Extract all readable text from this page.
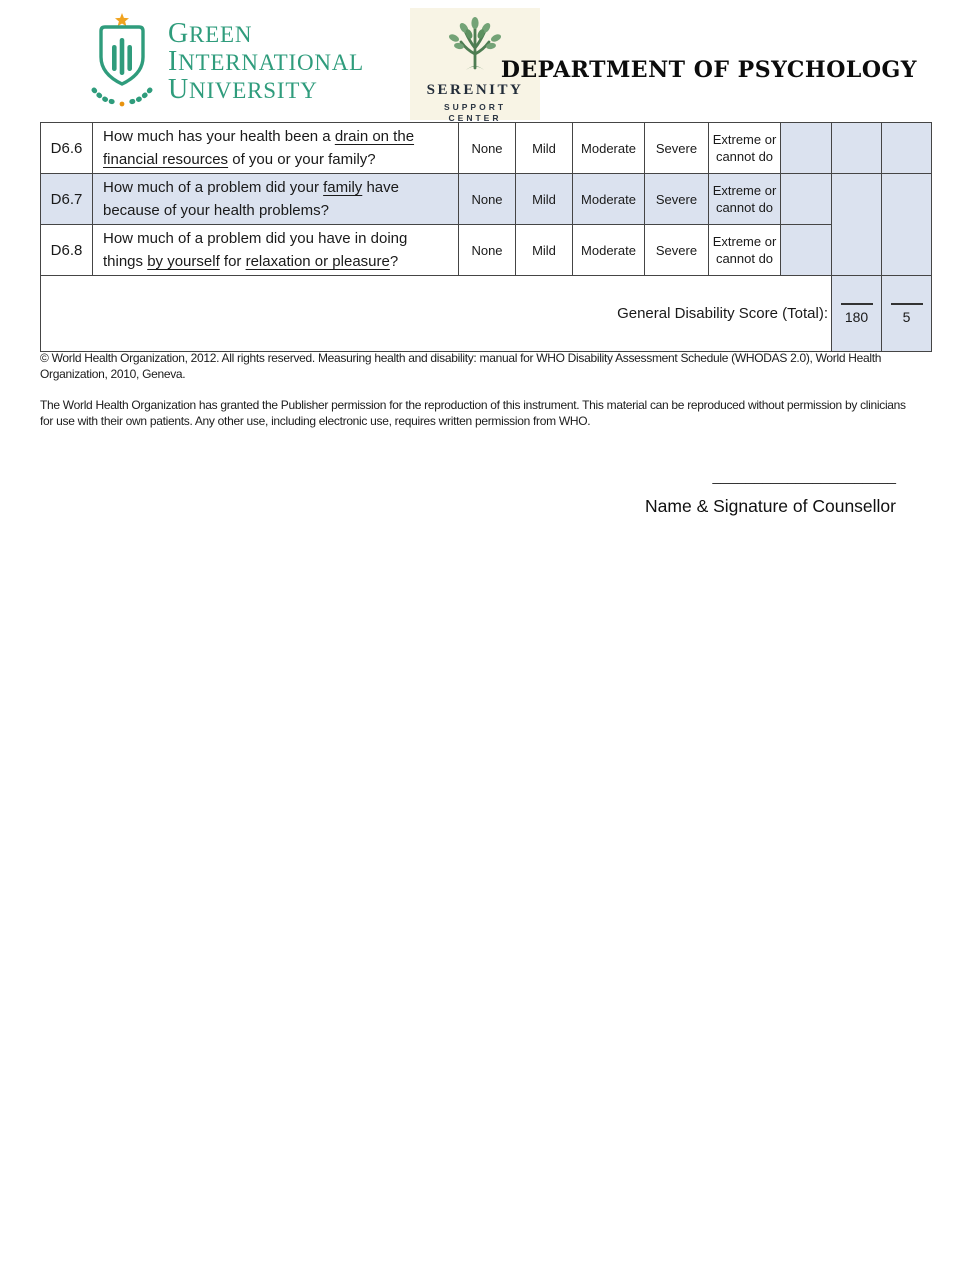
GREEN
INTERNATIONAL
UNIVERSITY	SERENITY
SUPPORT
CENTER
DEPARTMENT OF PSYCHOLOGY
D6.6	How much has your health been a drain on the financial resources of you or your family?	None	Mild	Moderate	Severe	Extreme or cannot do			
D6.7	How much of a problem did your family have because of your health problems?	None	Mild	Moderate	Severe	Extreme or cannot do			
D6.8	How much of a problem did you have in doing things by yourself for relaxation or pleasure?	None	Mild	Moderate	Severe	Extreme or cannot do			
General Disability Score (Total):								180	5

© World Health Organization, 2012. All rights reserved. Measuring health and disability: manual for WHO Disability Assessment Schedule (WHODAS 2.0), World Health Organization, 2010, Geneva.

The World Health Organization has granted the Publisher permission for the reproduction of this instrument. This material can be reproduced without permission by clinicians for use with their own patients. Any other use, including electronic use, requires written permission from WHO.

______________________
Name & Signature of Counsellor
